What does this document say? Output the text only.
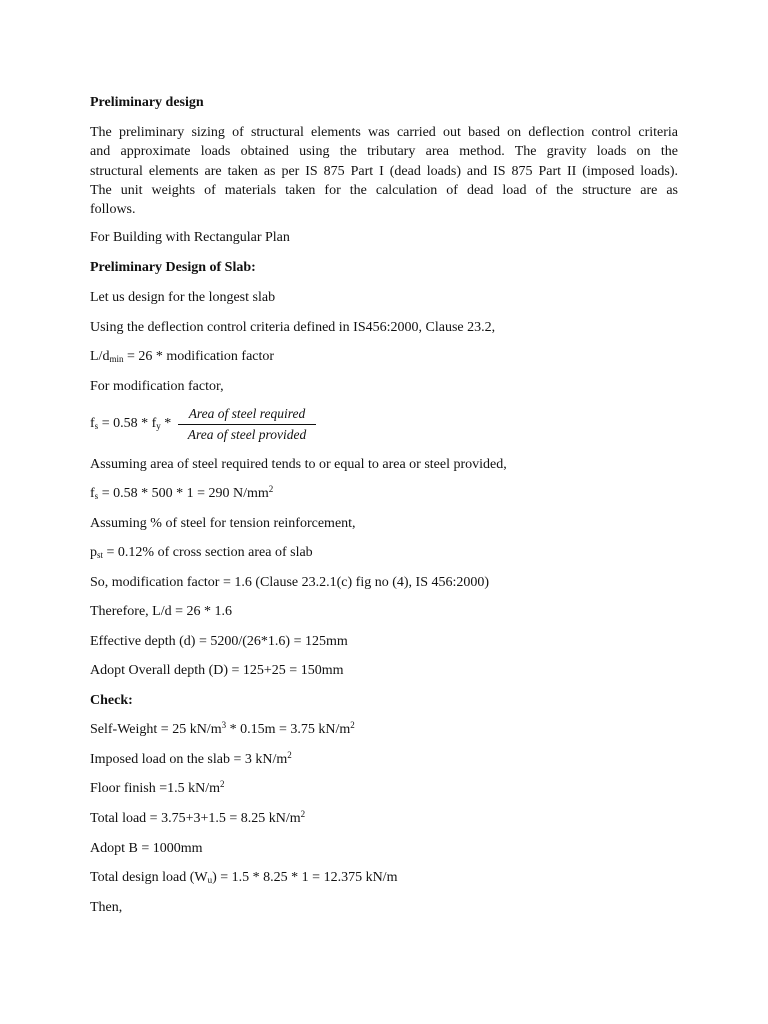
Preliminary design
The preliminary sizing of structural elements was carried out based on deflection control criteria
and approximate loads obtained using the tributary area method. The gravity loads on the
structural elements are taken as per IS 875 Part I (dead loads) and IS 875 Part II (imposed loads).
The unit weights of materials taken for the calculation of dead load of the structure are as
follows.
For Building with Rectangular Plan
Preliminary Design of Slab:
Let us design for the longest slab
Using the deflection control criteria defined in IS456:2000, Clause 23.2,
$L/d_{min} = 26$ * modification factor
For modification factor,
$f_s = 0.58 * f_y$ *
Area of steel required
Area of steel provided
Assuming area of steel required tends to or equal to area or steel provided,
$f_s = 0.58 * 500 * 1 = 290$ $N/mm^2$
Assuming % of steel for tension reinforcement,
$p_{st} = 0.12\%$ of cross section area of slab
So, modification factor = 1.6 (Clause 23.2.1(c) fig no (4), IS 456:2000)
Therefore, L/d = 26 * 1.6
Effective depth (d) = 5200/(26*1.6) = 125mm
Adopt Overall depth (D) = 125+25 = 150mm
Check:
Self-Weight = 25 $kN/m^3 * 0.15m = 3.75$ $kN/m^2$
Imposed load on the slab = 3 $kN/m^2$
Floor finish =1.5 $kN/m^2$
Total load = 3.75+3+1.5 = 8.25 $kN/m^2$
Adopt B = 1000mm
Total design load $(W_u) = 1.5 * 8.25 * 1 = 12.375$ kN/m
Then,
